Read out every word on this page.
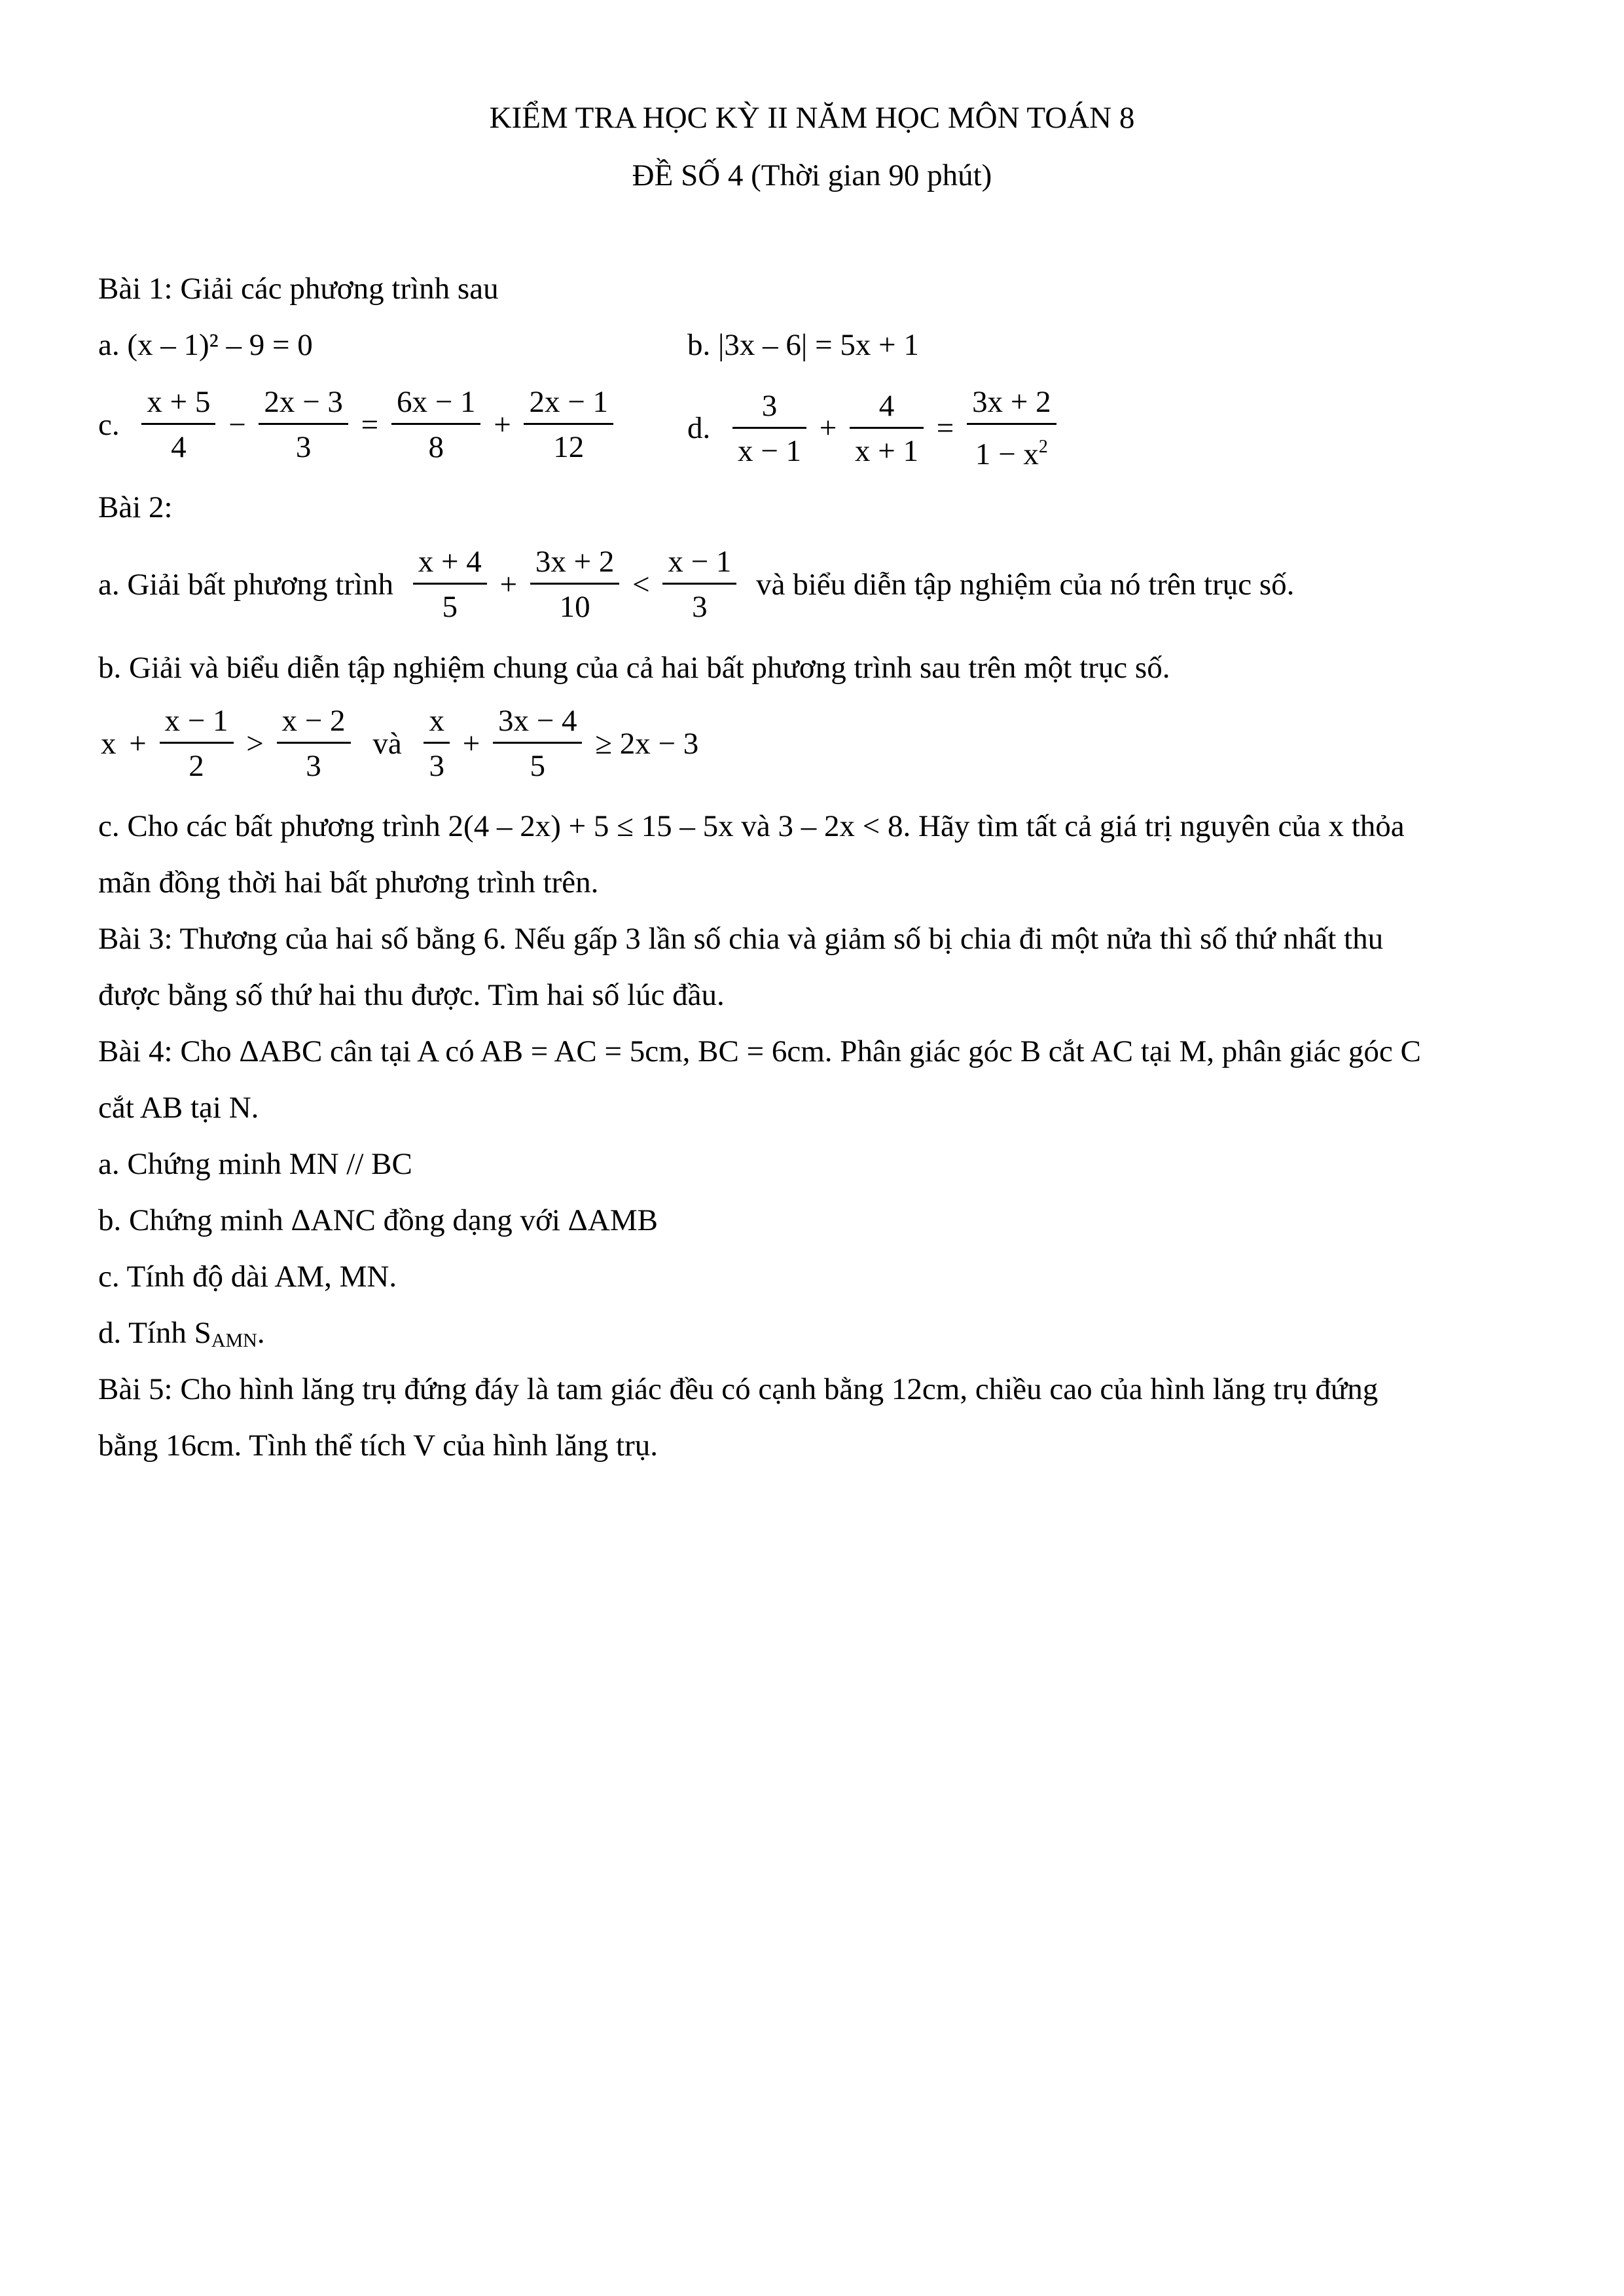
KIỂM TRA HỌC KỲ II NĂM HỌC MÔN TOÁN 8
ĐỀ SỐ 4 (Thời gian 90 phút)
Bài 1: Giải các phương trình sau
a. (x – 1)² – 9 = 0	b. |3x – 6| = 5x + 1
c. $\frac{x + 5}{4} - \frac{2x - 3}{3} = \frac{6x - 1}{8} + \frac{2x - 1}{12} d$. $\frac{3}{x - 1} + \frac{4}{x + 1} = \frac{3x + 2}{1 - x^2}$
Bài 2:
a. Giải bất phương trình $\frac{x + 4}{5} + \frac{3x + 2}{10} < \frac{x - 1}{3}$ và biểu diễn tập nghiệm của nó trên trục số.
b. Giải và biểu diễn tập nghiệm chung của cả hai bất phương trình sau trên một trục số.
$x + \frac{x - 1}{2} > \frac{x - 2}{3}$ và $\frac{x}{3} + \frac{3x - 4}{5} \ge 2x - 3$
c. Cho các bất phương trình 2(4 – 2x) + 5 ≤ 15 – 5x và 3 – 2x < 8. Hãy tìm tất cả giá trị nguyên của x thỏa
mãn đồng thời hai bất phương trình trên.
Bài 3: Thương của hai số bằng 6. Nếu gấp 3 lần số chia và giảm số bị chia đi một nửa thì số thứ nhất thu
được bằng số thứ hai thu được. Tìm hai số lúc đầu.
Bài 4: Cho ΔABC cân tại A có AB = AC = 5cm, BC = 6cm. Phân giác góc B cắt AC tại M, phân giác góc C
cắt AB tại N.
a. Chứng minh MN // BC
b. Chứng minh ΔANC đồng dạng với ΔAMB
c. Tính độ dài AM, MN.
d. Tính $S_{AMN}$.
Bài 5: Cho hình lăng trụ đứng đáy là tam giác đều có cạnh bằng 12cm, chiều cao của hình lăng trụ đứng
bằng 16cm. Tình thể tích V của hình lăng trụ.
